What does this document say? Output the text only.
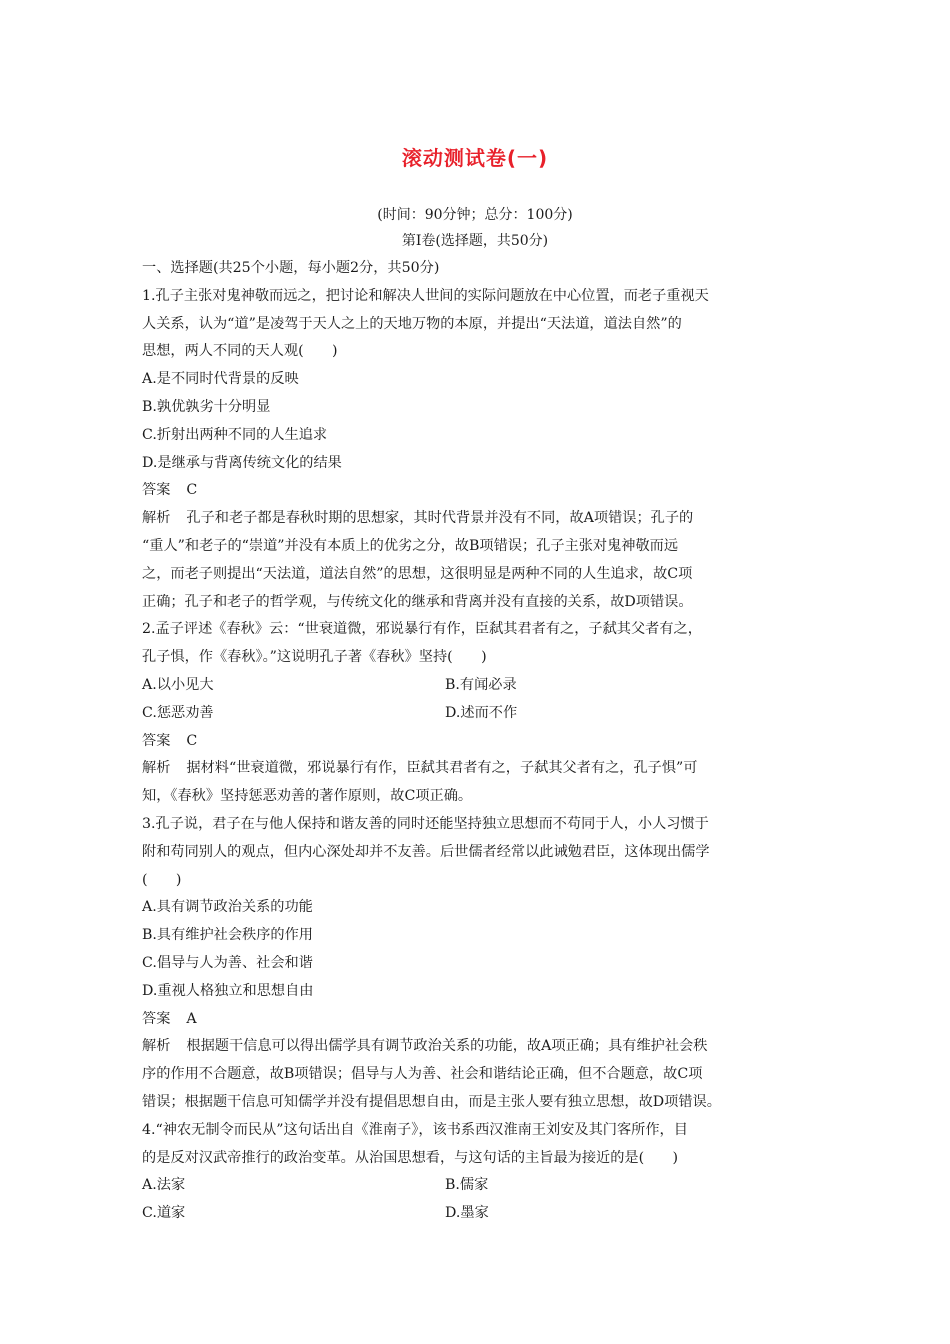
滚动测试卷(一)
(时间：90分钟；总分：100分)
第Ⅰ卷(选择题，共50分)
一、选择题(共25个小题，每小题2分，共50分)
1.孔子主张对鬼神敬而远之，把讨论和解决人世间的实际问题放在中心位置，而老子重视天
人关系，认为“道”是凌驾于天人之上的天地万物的本原，并提出“天法道，道法自然”的
思想，两人不同的天人观(　　)
A.是不同时代背景的反映
B.孰优孰劣十分明显
C.折射出两种不同的人生追求
D.是继承与背离传统文化的结果
答案 C
解析 孔子和老子都是春秋时期的思想家，其时代背景并没有不同，故A项错误；孔子的
“重人”和老子的“崇道”并没有本质上的优劣之分，故B项错误；孔子主张对鬼神敬而远
之，而老子则提出“天法道，道法自然”的思想，这很明显是两种不同的人生追求，故C项
正确；孔子和老子的哲学观，与传统文化的继承和背离并没有直接的关系，故D项错误。
2.孟子评述《春秋》云：“世衰道微，邪说暴行有作，臣弑其君者有之，子弑其父者有之，
孔子惧，作《春秋》。”这说明孔子著《春秋》坚持(　　)
A.以小见大	B.有闻必录
C.惩恶劝善	D.述而不作
答案 C
解析 据材料“世衰道微，邪说暴行有作，臣弑其君者有之，子弑其父者有之，孔子惧”可
知，《春秋》坚持惩恶劝善的著作原则，故C项正确。
3.孔子说，君子在与他人保持和谐友善的同时还能坚持独立思想而不苟同于人，小人习惯于
附和苟同别人的观点，但内心深处却并不友善。后世儒者经常以此诫勉君臣，这体现出儒学
(　　)
A.具有调节政治关系的功能
B.具有维护社会秩序的作用
C.倡导与人为善、社会和谐
D.重视人格独立和思想自由
答案 A
解析 根据题干信息可以得出儒学具有调节政治关系的功能，故A项正确；具有维护社会秩
序的作用不合题意，故B项错误；倡导与人为善、社会和谐结论正确，但不合题意，故C项
错误；根据题干信息可知儒学并没有提倡思想自由，而是主张人要有独立思想，故D项错误。
4.“神农无制令而民从”这句话出自《淮南子》，该书系西汉淮南王刘安及其门客所作，目
的是反对汉武帝推行的政治变革。从治国思想看，与这句话的主旨最为接近的是(　　)
A.法家	B.儒家
C.道家	D.墨家
